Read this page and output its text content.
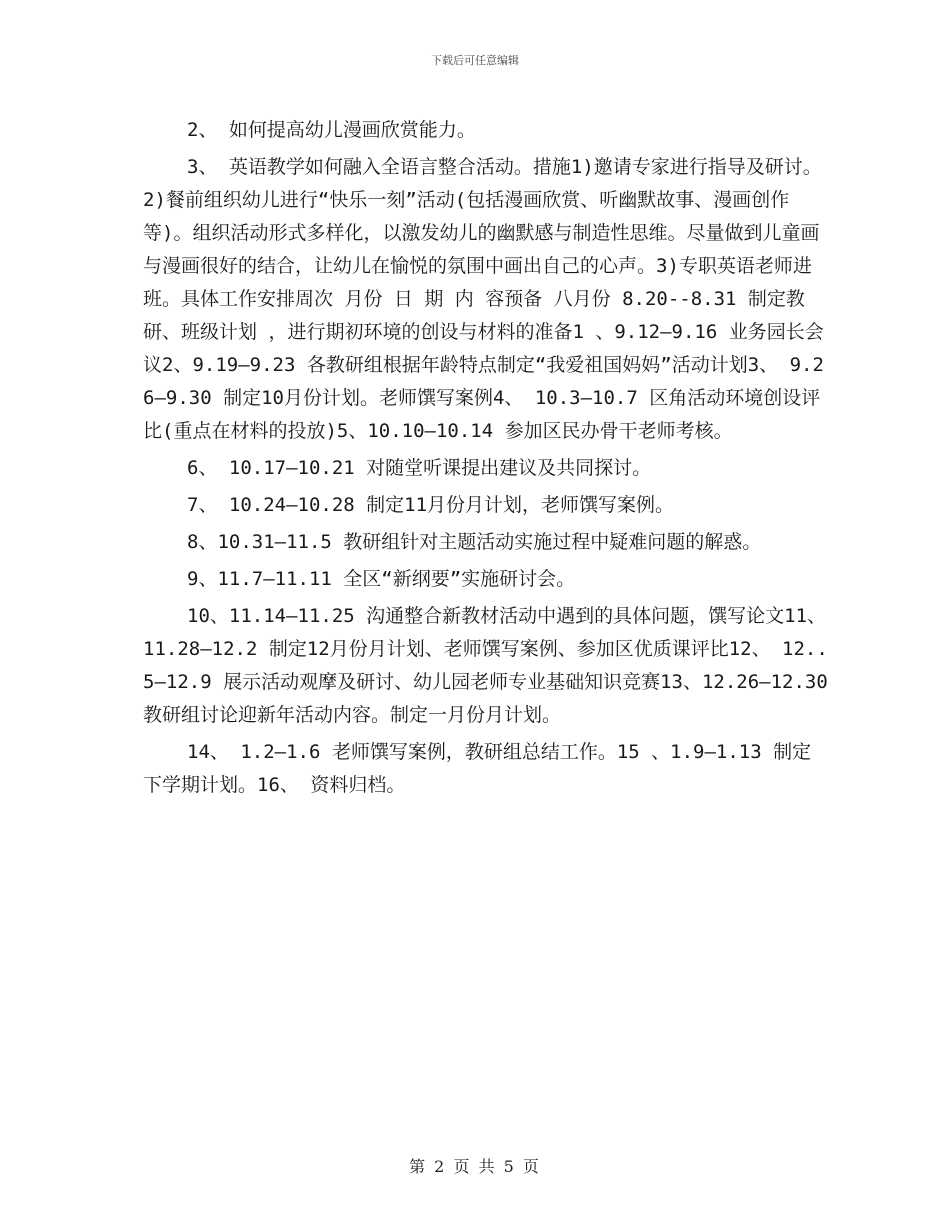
下载后可任意编辑

2、 如何提高幼儿漫画欣赏能力。

3、 英语教学如何融入全语言整合活动。措施1)邀请专家进行指导及研讨。2)餐前组织幼儿进行“快乐一刻”活动(包括漫画欣赏、听幽默故事、漫画创作等)。组织活动形式多样化，以激发幼儿的幽默感与制造性思维。尽量做到儿童画与漫画很好的结合，让幼儿在愉悦的氛围中画出自己的心声。3)专职英语老师进班。具体工作安排周次 月份 日 期 内 容预备 八月份 8.20--8.31 制定教研、班级计划 ，进行期初环境的创设与材料的准备1 、9.12—9.16 业务园长会议2、9.19—9.23 各教研组根据年龄特点制定“我爱祖国妈妈”活动计划3、 9.26—9.30 制定10月份计划。老师馔写案例4、 10.3—10.7 区角活动环境创设评比(重点在材料的投放)5、10.10—10.14 参加区民办骨干老师考核。

6、 10.17—10.21 对随堂听课提出建议及共同探讨。

7、 10.24—10.28 制定11月份月计划，老师馔写案例。

8、10.31—11.5 教研组针对主题活动实施过程中疑难问题的解惑。

9、11.7—11.11 全区“新纲要”实施研讨会。

10、11.14—11.25 沟通整合新教材活动中遇到的具体问题，馔写论文11、 11.28—12.2 制定12月份月计划、老师馔写案例、参加区优质课评比12、 12..5—12.9 展示活动观摩及研讨、幼儿园老师专业基础知识竞赛13、12.26—12.30 教研组讨论迎新年活动内容。制定一月份月计划。

14、 1.2—1.6 老师馔写案例，教研组总结工作。15 、1.9—1.13 制定下学期计划。16、 资料归档。

第 2 页 共 5 页
